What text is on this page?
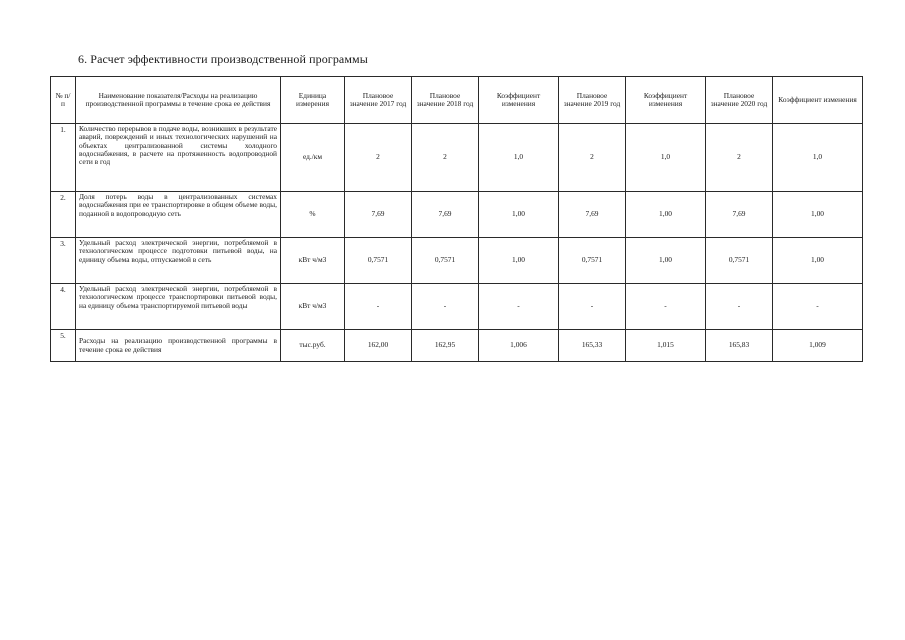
6. Расчет эффективности производственной программы
№ п/п	Наименование показателя/Расходы на реализацию производственной программы в течение срока ее действия	Единица измерения	Плановое значение 2017 год	Плановое значение 2018 год	Коэффициент изменения	Плановое значение 2019 год	Коэффициент изменения	Плановое значение 2020 год	Коэффициент изменения
1.	Количество перерывов в подаче воды, возникших в результате аварий, повреждений и иных технологических нарушений на объектах централизованной системы холодного водоснабжения, в расчете на протяженность водопроводной сети в год	ед./км	2	2	1,0	2	1,0	2	1,0
2.	Доля потерь воды в централизованных системах водоснабжения при ее транспортировке в общем объеме воды, поданной в водопроводную сеть	%	7,69	7,69	1,00	7,69	1,00	7,69	1,00
3.	Удельный расход электрической энергии, потребляемой в технологическом процессе подготовки питьевой воды, на единицу объема воды, отпускаемой в сеть	кВт ч/м3	0,7571	0,7571	1,00	0,7571	1,00	0,7571	1,00
4.	Удельный расход электрической энергии, потребляемой в технологическом процессе транспортировки питьевой воды, на единицу объема транспортируемой питьевой воды	кВт ч/м3	-	-	-	-	-	-	-
5.	Расходы на реализацию производственной программы в течение срока ее действия	тыс.руб.	162,00	162,95	1,006	165,33	1,015	165,83	1,009
